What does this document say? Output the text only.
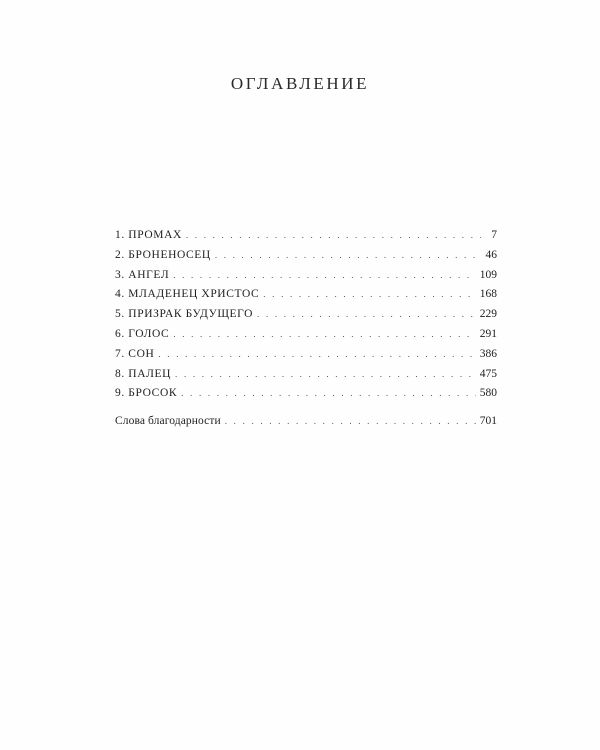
ОГЛАВЛЕНИЕ
1. ПРОМАХ . . .	7
2. БРОНЕНОСЕЦ . . .	46
3. АНГЕЛ . . .	109
4. МЛАДЕНЕЦ ХРИСТОС . . .	168
5. ПРИЗРАК БУДУЩЕГО . . .	229
6. ГОЛОС . . .	291
7. СОН . . .	386
8. ПАЛЕЦ . . .	475
9. БРОСОК . . .	580
Слова благодарности . . .	701
